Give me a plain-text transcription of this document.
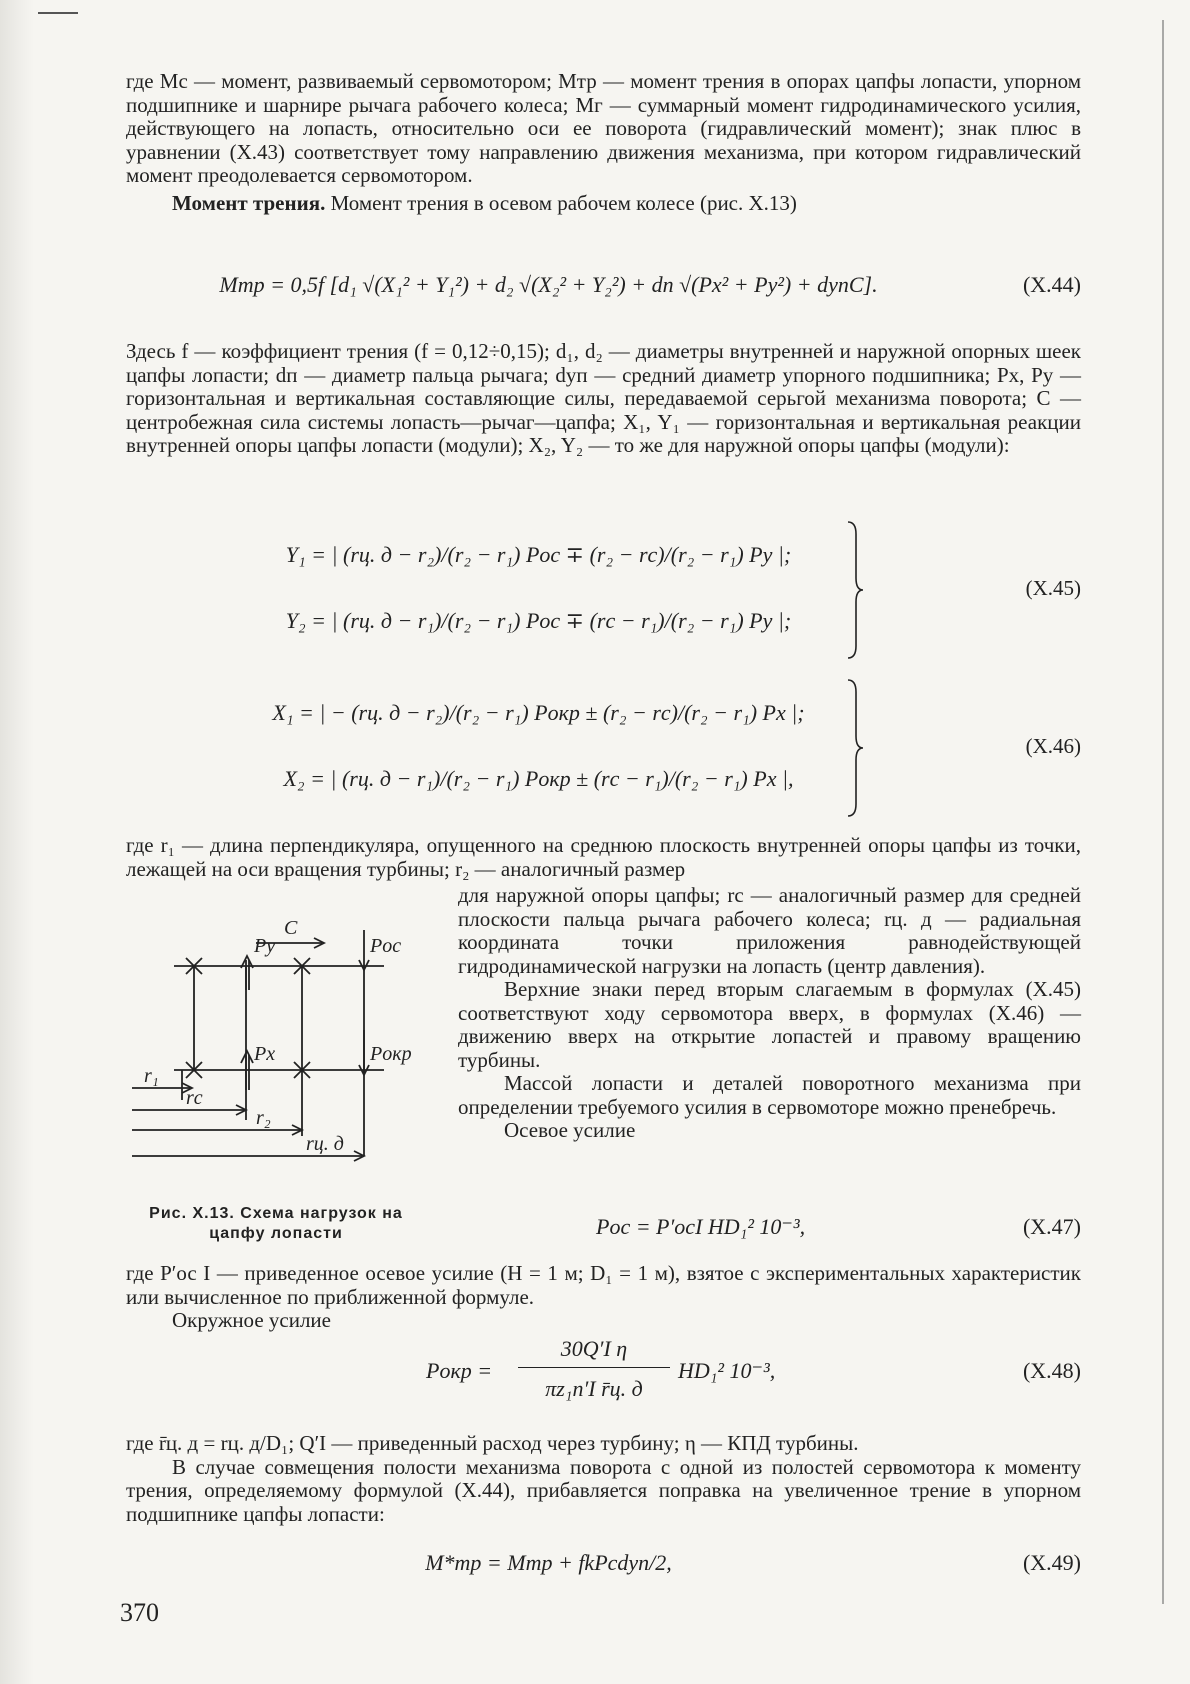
где Mс — момент, развиваемый сервомотором; Mтр — момент трения в опорах цапфы лопасти, упорном подшипнике и шарнире рычага рабочего колеса; Mг — суммарный момент гидродинамического усилия, действующего на лопасть, относительно оси ее поворота (гидравлический момент); знак плюс в уравнении (X.43) соответствует тому направлению движения механизма, при котором гидравлический момент преодолевается сервомотором.

Момент трения. Момент трения в осевом рабочем колесе (рис. X.13)

Mтр = 0,5f [d₁ √(X₁² + Y₁²) + d₂ √(X₂² + Y₂²) + dп √(Px² + Py²) + dупC].	(X.44)

Здесь f — коэффициент трения (f = 0,12÷0,15); d₁, d₂ — диаметры внутренней и наружной опорных шеек цапфы лопасти; dп — диаметр пальца рычага; dуп — средний диаметр упорного подшипника; Px, Py — горизонтальная и вертикальная составляющие силы, передаваемой серьгой механизма поворота; C — центробежная сила системы лопасть—рычаг—цапфа; X₁, Y₁ — горизонтальная и вертикальная реакции внутренней опоры цапфы лопасти (модули); X₂, Y₂ — то же для наружной опоры цапфы (модули):

Y₁ = | (rц. д − r₂)/(r₂ − r₁) Pос ∓ (r₂ − rс)/(r₂ − r₁) Py |;
Y₂ = | (rц. д − r₁)/(r₂ − r₁) Pос ∓ (rс − r₁)/(r₂ − r₁) Py |;
(X.45)
X₁ = | − (rц. д − r₂)/(r₂ − r₁) Pокр ± (r₂ − rс)/(r₂ − r₁) Px |;
X₂ = | (rц. д − r₁)/(r₂ − r₁) Pокр ± (rс − r₁)/(r₂ − r₁) Px |,
(X.46)

где r₁ — длина перпендикуляра, опущенного на среднюю плоскость внутренней опоры цапфы из точки, лежащей на оси вращения турбины; r₂ — аналогичный размер

для наружной опоры цапфы; rс — аналогичный размер для средней плоскости пальца рычага рабочего колеса; rц. д — радиальная координата точки приложения равнодействующей гидродинамической нагрузки на лопасть (центр давления).

Верхние знаки перед вторым слагаемым в формулах (X.45) соответствуют ходу сервомотора вверх, в формулах (X.46) — движению вверх на открытие лопастей и правому вращению турбины.

Массой лопасти и деталей поворотного механизма при определении требуемого усилия в сервомоторе можно пренебречь.

Осевое усилие

Py
C
Pос
Px	Pокр
r₁
rс
r₂
rц. д
Рис. X.13. Схема нагрузок на цапфу лопасти	Pос = P′осI HD₁² 10⁻³,	(X.47)

где P′ос I — приведенное осевое усилие (H = 1 м; D₁ = 1 м), взятое с экспериментальных характеристик или вычисленное по приближенной формуле.

Окружное усилие

Pокр =
30Q′I η
πz₁n′I r̄ц. д
HD₁² 10⁻³,	(X.48)

где r̄ц. д = rц. д/D₁; Q′I — приведенный расход через турбину; η — КПД турбины.

В случае совмещения полости механизма поворота с одной из полостей сервомотора к моменту трения, определяемому формулой (X.44), прибавляется поправка на увеличенное трение в упорном подшипнике цапфы лопасти:

M*тр = Mтр + fkPсdуп/2,	(X.49)
370
